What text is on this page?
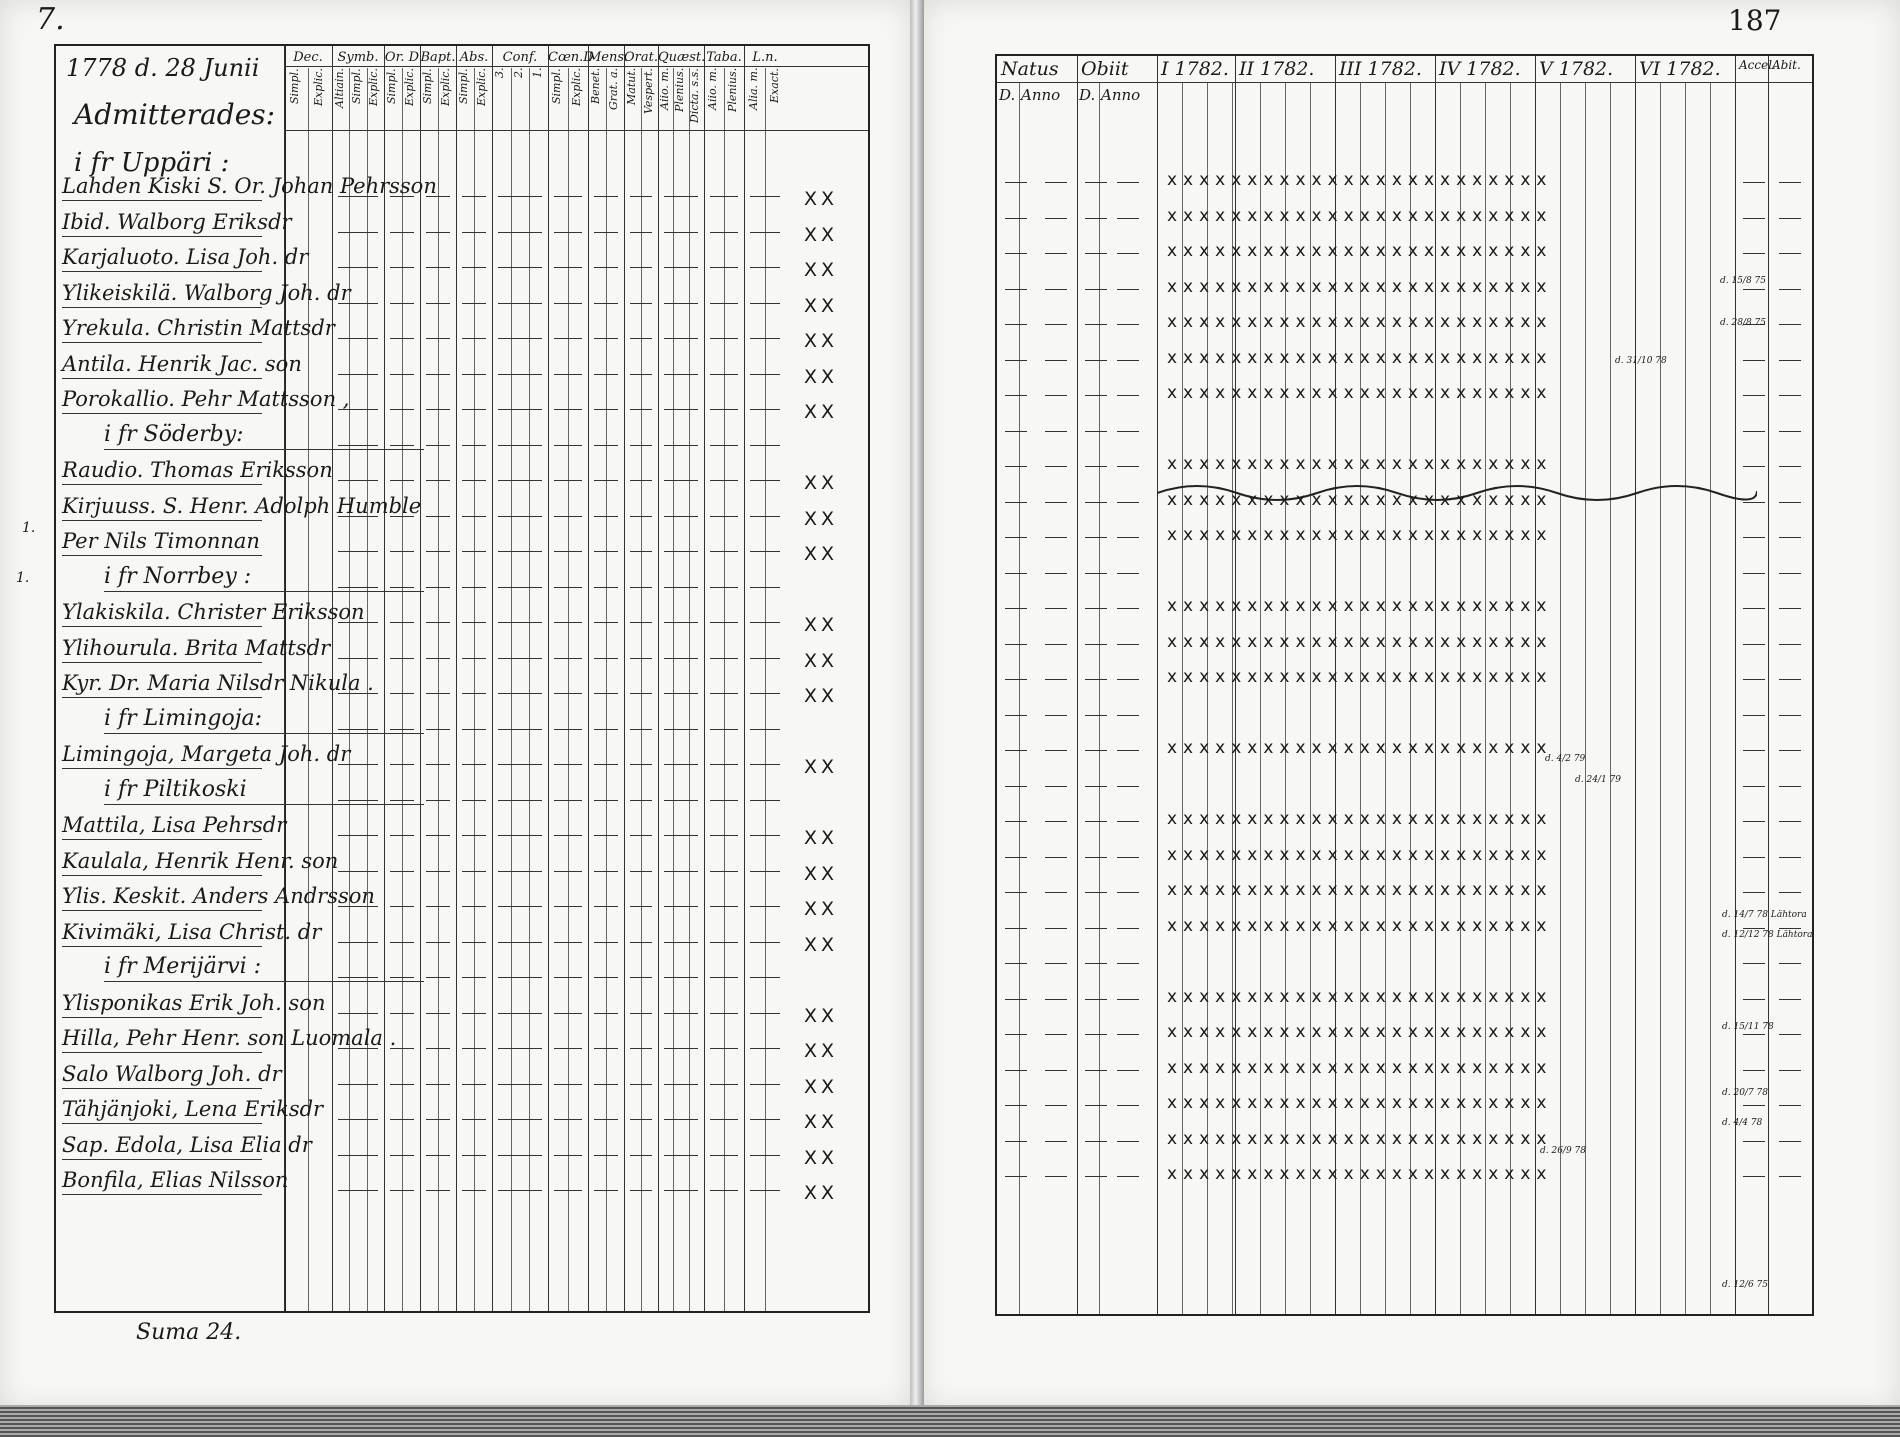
7.	187
1778 d. 28 Junii
Admitterades:
i fr Uppäri :
Dec.
Simpl. Explic.
Symb.
Altiain. Simpl. Explic.
Or. D
Simpl. Explic.
Bapt.
Simpl. Explic.
Abs.
Simpl. Explic.
Conf.
3. 2. 1.
Cœn.D
Simpl. Explic.
Mens.
Benet. Grat. a.
Orat.
Matut. Vespert.
Quæst.
Aiio. m. Plenius. Dicta. s.s.
Taba.
Aiio. m. Plenius.
L.n.
Alia. m. Exact.
Lahden Kiski S. Or. Johan Pehrsson
X X
Ibid. Walborg Eriksdr
X X
Karjaluoto. Lisa Joh. dr
X X
Ylikeiskilä. Walborg Joh. dr
X X
Yrekula. Christin Mattsdr
X X
Antila. Henrik Jac. son
X X
Porokallio. Pehr Mattsson ,
X X
i fr Söderby:
Raudio. Thomas Eriksson
X X
Kirjuuss. S. Henr. Adolph Humble
X X
Per Nils Timonnan
X X
i fr Norrbey :
Ylakiskila. Christer Eriksson
X X
Ylihourula. Brita Mattsdr
X X
Kyr. Dr. Maria Nilsdr Nikula .
X X
i fr Limingoja:
Limingoja, Margeta Joh. dr
X X
i fr Piltikoski
Mattila, Lisa Pehrsdr
X X
Kaulala, Henrik Henr. son
X X
Ylis. Keskit. Anders Andrsson
X X
Kivimäki, Lisa Christ. dr
X X
i fr Merijärvi :
Ylisponikas Erik Joh. son
X X
Hilla, Pehr Henr. son Luomala .
X X
Salo Walborg Joh. dr
X X
Tähjänjoki, Lena Eriksdr
X X
Sap. Edola, Lisa Elia dr
X X
Bonfila, Elias Nilsson
X X
1.
1.
Suma 24.
Natus
D. Anno
Obiit
D. Anno
I 1782. II 1782. III 1782. IV 1782. V 1782. VI 1782. Accel.
Abit.
xxxxxxxxxxxxxxxxxxxxxxxx
xxxxxxxxxxxxxxxxxxxxxxxx
xxxxxxxxxxxxxxxxxxxxxxxx
xxxxxxxxxxxxxxxxxxxxxxxx
xxxxxxxxxxxxxxxxxxxxxxxx
xxxxxxxxxxxxxxxxxxxxxxxx
xxxxxxxxxxxxxxxxxxxxxxxx
xxxxxxxxxxxxxxxxxxxxxxxx
xxxxxxxxxxxxxxxxxxxxxxxx
xxxxxxxxxxxxxxxxxxxxxxxx
xxxxxxxxxxxxxxxxxxxxxxxx
xxxxxxxxxxxxxxxxxxxxxxxx
xxxxxxxxxxxxxxxxxxxxxxxx
xxxxxxxxxxxxxxxxxxxxxxxx
xxxxxxxxxxxxxxxxxxxxxxxx
xxxxxxxxxxxxxxxxxxxxxxxx
xxxxxxxxxxxxxxxxxxxxxxxx
xxxxxxxxxxxxxxxxxxxxxxxx
xxxxxxxxxxxxxxxxxxxxxxxx
xxxxxxxxxxxxxxxxxxxxxxxx
xxxxxxxxxxxxxxxxxxxxxxxx
xxxxxxxxxxxxxxxxxxxxxxxx
xxxxxxxxxxxxxxxxxxxxxxxx
xxxxxxxxxxxxxxxxxxxxxxxx
d. 15/8 75
d. 28/8 75
d. 31/10 78
d. 4/2 79
d. 24/1 79
d. 14/7 78 Lähtora
d. 12/12 78 Lähtora
d. 15/11 78
d. 20/7 78
d. 4/4 78
d. 26/9 78
d. 12/6 75
